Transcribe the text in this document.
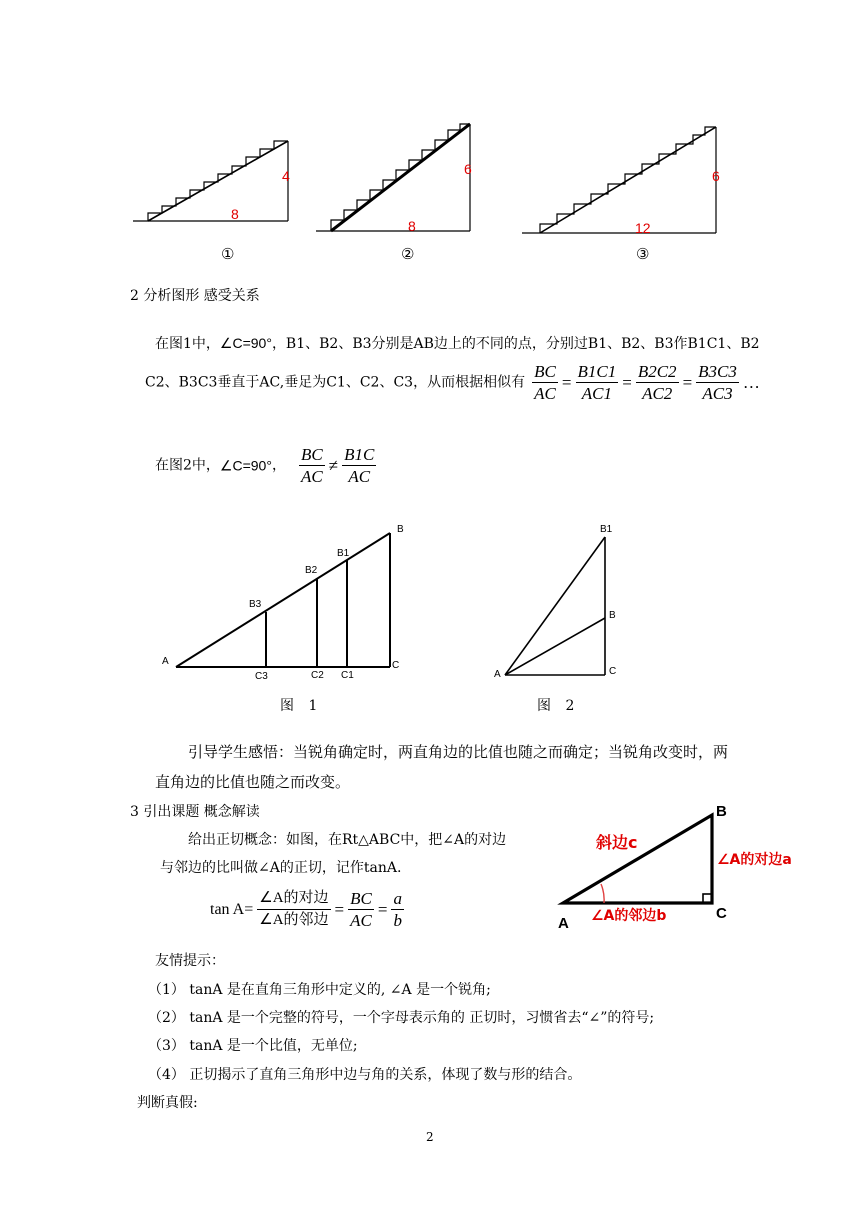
4
8
①
6
8
②
6
12
③
2 分析图形 感受关系
在图1中，∠C=90°，B1、B2、B3分别是AB边上的不同的点，分别过B1、B2、B3作B1C1、B2
C2、B3C3垂直于AC,垂足为C1、C2、C3，从而根据相似有 $\frac{BC}{AC} = \frac{B1C1}{AC1} = \frac{B2C2}{AC2} = \frac{B3C3}{AC3}$ …
在图2中，∠C=90°， $\frac{BC}{AC} \ne \frac{B1C}{AC}$
A
B
B1
B2
B3
C
C1
C2
C3
图 1
A
B
B1
C
图 2
引导学生感悟：当锐角确定时，两直角边的比值也随之而确定；当锐角改变时，两
直角边的比值也随之而改变。
3 引出课题 概念解读
给出正切概念：如图，在Rt△ABC中，把∠A的对边
与邻边的比叫做∠A的正切，记作tanA.
$\tan A= \frac{\text{∠A的对边}}{\text{∠A的邻边}} = \frac{BC}{AC} = \frac{a}{b}$
斜边c
∠A的对边a
∠A的邻边b
A
B
C
友情提示：
（1） tanA 是在直角三角形中定义的, ∠A 是一个锐角;
（2） tanA 是一个完整的符号，一个字母表示角的 正切时，习惯省去“∠”的符号;
（3） tanA 是一个比值，无单位;
（4） 正切揭示了直角三角形中边与角的关系，体现了数与形的结合。
判断真假:
2
